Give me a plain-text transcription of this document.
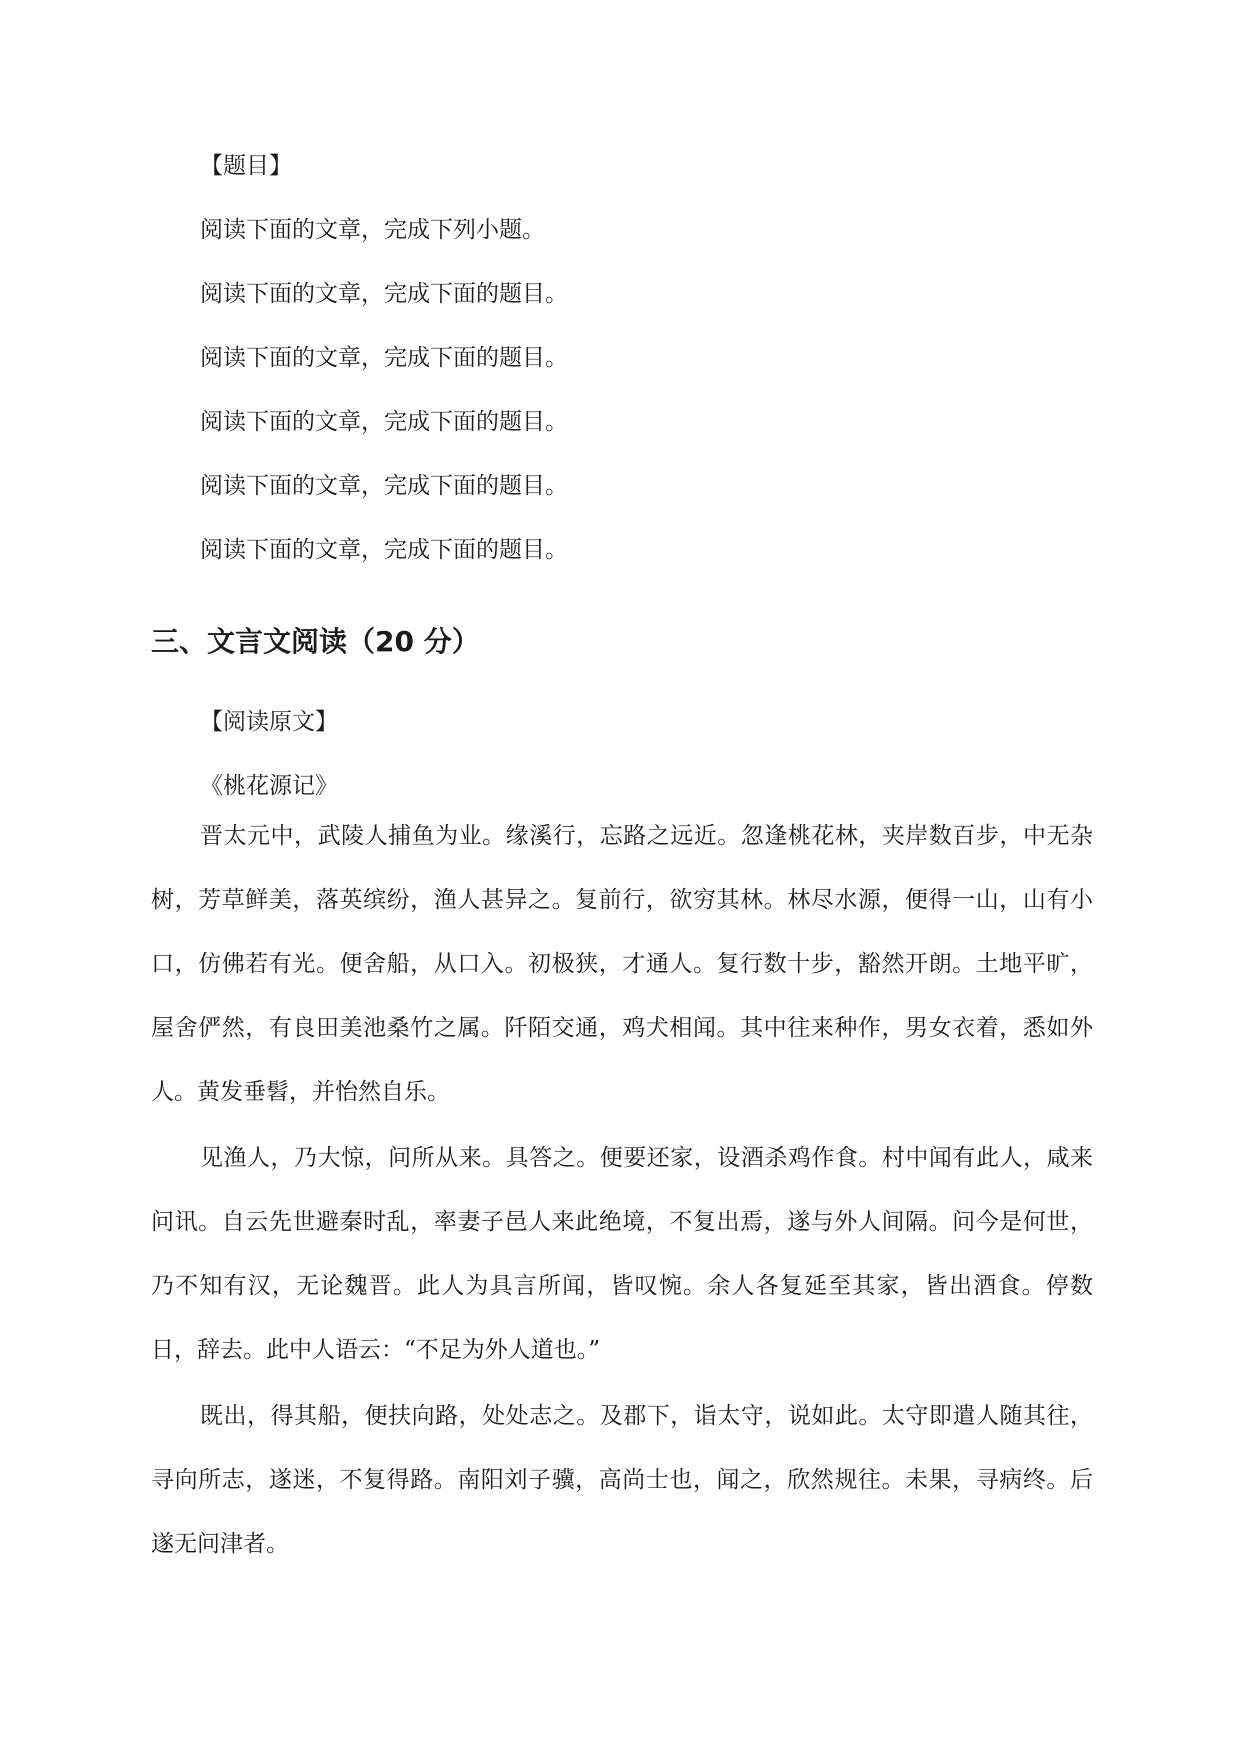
【题目】
阅读下面的文章，完成下列小题。
阅读下面的文章，完成下面的题目。
阅读下面的文章，完成下面的题目。
阅读下面的文章，完成下面的题目。
阅读下面的文章，完成下面的题目。
阅读下面的文章，完成下面的题目。
三、文言文阅读（20 分）
【阅读原文】
《桃花源记》

晋太元中，武陵人捕鱼为业。缘溪行，忘路之远近。忽逢桃花林，夹岸数百步，中无杂树，芳草鲜美，落英缤纷，渔人甚异之。复前行，欲穷其林。林尽水源，便得一山，山有小口，仿佛若有光。便舍船，从口入。初极狭，才通人。复行数十步，豁然开朗。土地平旷，屋舍俨然，有良田美池桑竹之属。阡陌交通，鸡犬相闻。其中往来种作，男女衣着，悉如外人。黄发垂髫，并怡然自乐。

见渔人，乃大惊，问所从来。具答之。便要还家，设酒杀鸡作食。村中闻有此人，咸来问讯。自云先世避秦时乱，率妻子邑人来此绝境，不复出焉，遂与外人间隔。问今是何世，乃不知有汉，无论魏晋。此人为具言所闻，皆叹惋。余人各复延至其家，皆出酒食。停数日，辞去。此中人语云：“不足为外人道也。”

既出，得其船，便扶向路，处处志之。及郡下，诣太守，说如此。太守即遣人随其往，寻向所志，遂迷，不复得路。南阳刘子骥，高尚士也，闻之，欣然规往。未果，寻病终。后遂无问津者。
